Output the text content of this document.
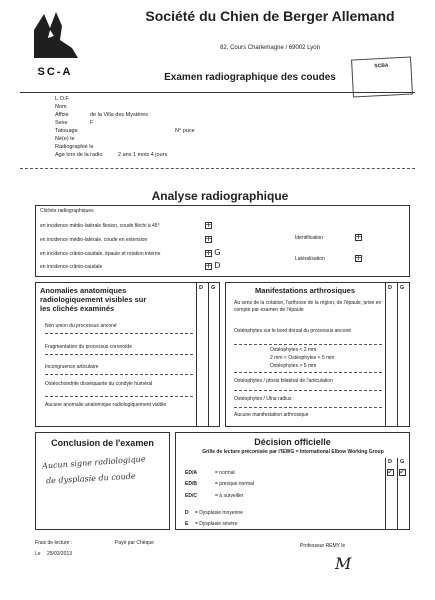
SC-A
Société du Chien de Berger Allemand
82, Cours Charlemagne / 69002 Lyon
Examen radiographique des coudes
SCBA
L.O.F.
Nom
Affixe	de la Villa des Mystères
Sexe	F
Tatouage	N° puce
Né(e) le
Radiographié le
Age lors de la radio	2 ans 1 mois 4 jours
Analyse radiographique
Clichés radiographiques
en incidence médio-latérale flexion, coude fléchi à 45°	+
en incidence médio-latérale, coude en extension	+
en incidence crânio-caudale, épaule et rotation interne	+ G
en incidence crânio-caudale	+ D
Identification	+
Latéralisation	+
Anomalies anatomiques
radiologiquement visibles sur
les clichés examinés
D G
Non union du processus anconé
Fragmentation du processus coronoïde
Incongruence articulaire
Ostéochondrite disséquante du condyle huméral
Aucune anomalie anatomique radiologiquement visible
Manifestations arthrosiques	D G
Au sens de la cotation, l'arthrose de la région, de l'épaule, prise en compte par examen de l'épaule
Ostéophytes sur le bord dorsal du processus anconé
Ostéophytes < 2 mm
2 mm < Ostéophytes < 5 mm
Ostéophytes > 5 mm
Ostéophytes / ptosis bilatéral de l'articulation
Ostéophytes / Ulna radius
Aucune manifestation arthrosique
Conclusion de l'examen
Aucun signe radiologique
de dysplasie du coude
Décision officielle
Grille de lecture préconisée par l'IEWG = International Elbow Working Group
D G
ED/A	= normal	✓ ✓
ED/B	= presque normal
ED/C	= à surveiller
D = Dysplasie moyenne
E = Dysplasie sévère
Frais de lecture :	Payé par Chèque
Le 25/03/2013
Professeur REMY le
M
